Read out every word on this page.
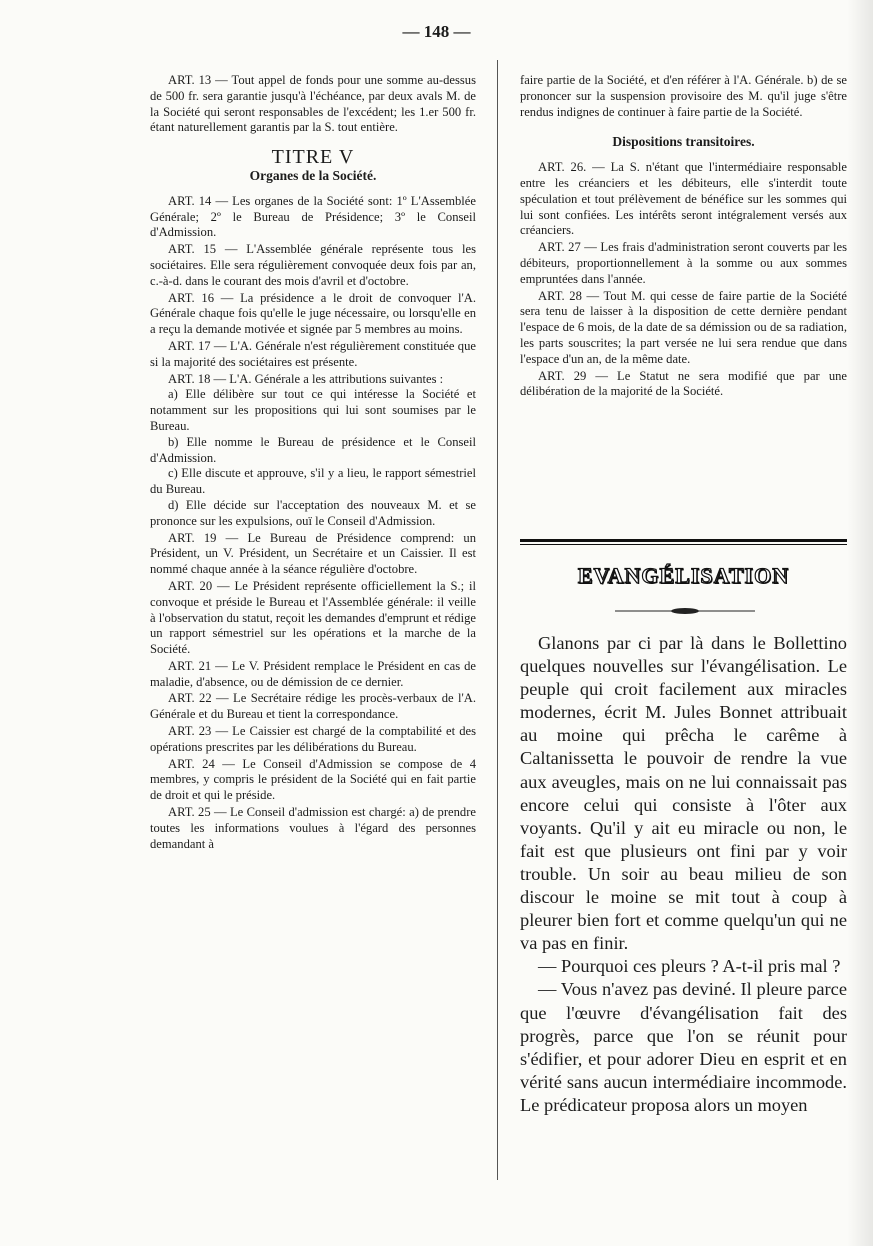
— 148 —

ART. 13 — Tout appel de fonds pour une somme au-dessus de 500 fr. sera garantie jusqu'à l'échéance, par deux avals M. de la Société qui seront responsables de l'excédent; les 1.er 500 fr. étant naturellement garantis par la S. tout entière.

TITRE V
Organes de la Société.

ART. 14 — Les organes de la Société sont: 1º L'Assemblée Générale; 2º le Bureau de Présidence; 3º le Conseil d'Admission.

ART. 15 — L'Assemblée générale représente tous les sociétaires. Elle sera régulièrement convoquée deux fois par an, c.-à-d. dans le courant des mois d'avril et d'octobre.

ART. 16 — La présidence a le droit de convoquer l'A. Générale chaque fois qu'elle le juge nécessaire, ou lorsqu'elle en a reçu la demande motivée et signée par 5 membres au moins.

ART. 17 — L'A. Générale n'est régulièrement constituée que si la majorité des sociétaires est présente.

ART. 18 — L'A. Générale a les attributions suivantes :

a) Elle délibère sur tout ce qui intéresse la Société et notamment sur les propositions qui lui sont soumises par le Bureau.

b) Elle nomme le Bureau de présidence et le Conseil d'Admission.

c) Elle discute et approuve, s'il y a lieu, le rapport sémestriel du Bureau.

d) Elle décide sur l'acceptation des nouveaux M. et se prononce sur les expulsions, ouï le Conseil d'Admission.

ART. 19 — Le Bureau de Présidence comprend: un Président, un V. Président, un Secrétaire et un Caissier. Il est nommé chaque année à la séance régulière d'octobre.

ART. 20 — Le Président représente officiellement la S.; il convoque et préside le Bureau et l'Assemblée générale: il veille à l'observation du statut, reçoit les demandes d'emprunt et rédige un rapport sémestriel sur les opérations et la marche de la Société.

ART. 21 — Le V. Président remplace le Président en cas de maladie, d'absence, ou de démission de ce dernier.

ART. 22 — Le Secrétaire rédige les procès-verbaux de l'A. Générale et du Bureau et tient la correspondance.

ART. 23 — Le Caissier est chargé de la comptabilité et des opérations prescrites par les délibérations du Bureau.

ART. 24 — Le Conseil d'Admission se compose de 4 membres, y compris le président de la Société qui en fait partie de droit et qui le préside.

ART. 25 — Le Conseil d'admission est chargé: a) de prendre toutes les informations voulues à l'égard des personnes demandant à

faire partie de la Société, et d'en référer à l'A. Générale. b) de se prononcer sur la suspension provisoire des M. qu'il juge s'être rendus indignes de continuer à faire partie de la Société.

Dispositions transitoires.

ART. 26. — La S. n'étant que l'intermédiaire responsable entre les créanciers et les débiteurs, elle s'interdit toute spéculation et tout prélèvement de bénéfice sur les sommes qui lui sont confiées. Les intérêts seront intégralement versés aux créanciers.

ART. 27 — Les frais d'administration seront couverts par les débiteurs, proportionnellement à la somme ou aux sommes empruntées dans l'année.

ART. 28 — Tout M. qui cesse de faire partie de la Société sera tenu de laisser à la disposition de cette dernière pendant l'espace de 6 mois, de la date de sa démission ou de sa radiation, les parts souscrites; la part versée ne lui sera rendue que dans l'espace d'un an, de la même date.

ART. 29 — Le Statut ne sera modifié que par une délibération de la majorité de la Société.

EVANGÉLISATION

Glanons par ci par là dans le Bollettino quelques nouvelles sur l'évangélisation. Le peuple qui croit facilement aux miracles modernes, écrit M. Jules Bonnet attribuait au moine qui prêcha le carême à Caltanissetta le pouvoir de rendre la vue aux aveugles, mais on ne lui connaissait pas encore celui qui consiste à l'ôter aux voyants. Qu'il y ait eu miracle ou non, le fait est que plusieurs ont fini par y voir trouble. Un soir au beau milieu de son discour le moine se mit tout à coup à pleurer bien fort et comme quelqu'un qui ne va pas en finir.

— Pourquoi ces pleurs ? A-t-il pris mal ?

— Vous n'avez pas deviné. Il pleure parce que l'œuvre d'évangélisation fait des progrès, parce que l'on se réunit pour s'édifier, et pour adorer Dieu en esprit et en vérité sans aucun intermédiaire incommode. Le prédicateur proposa alors un moyen
